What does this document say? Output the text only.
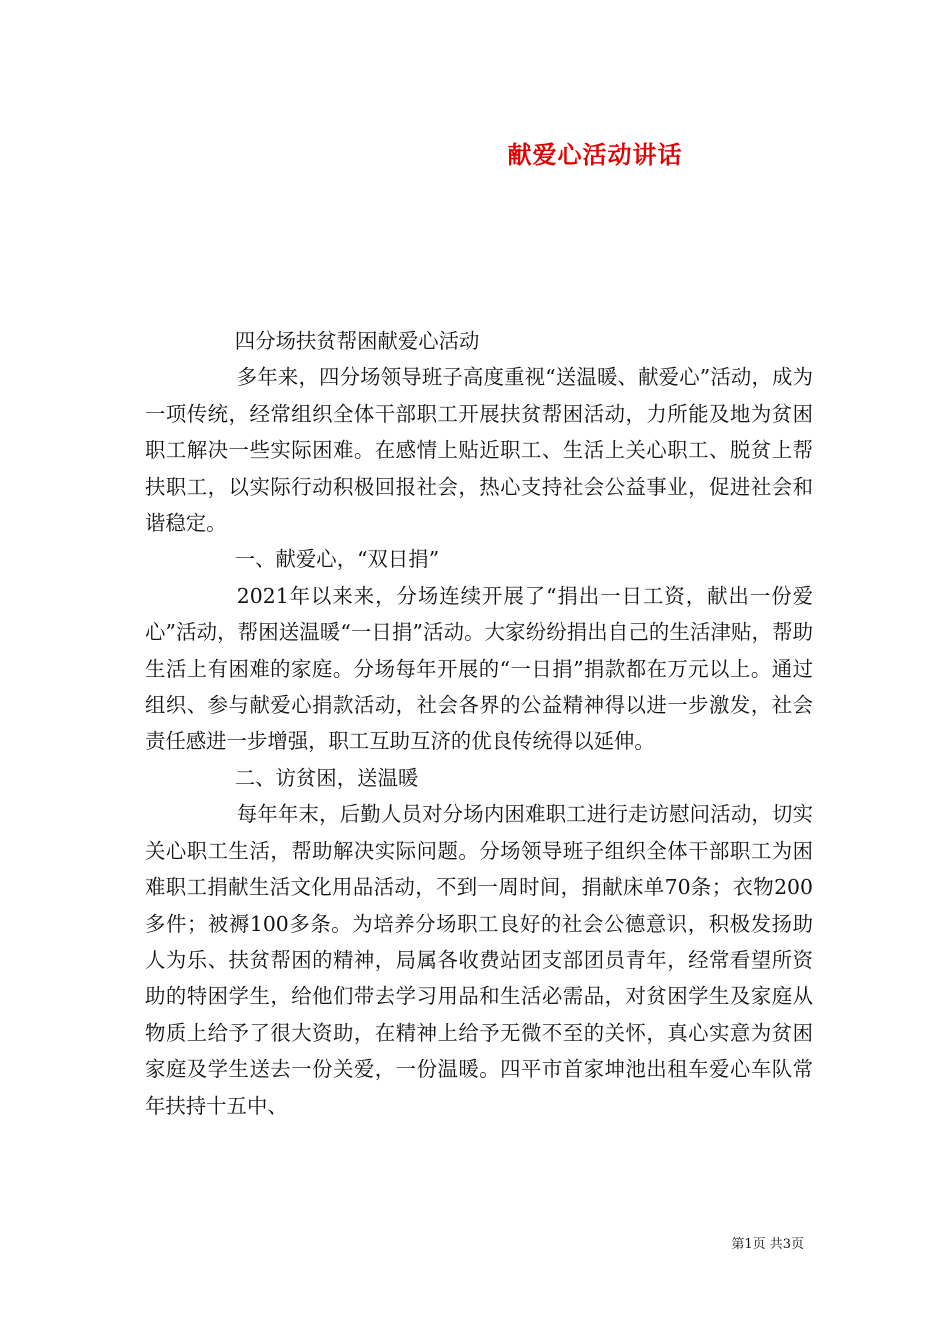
献爱心活动讲话

四分场扶贫帮困献爱心活动

多年来，四分场领导班子高度重视“送温暖、献爱心”活动，成为一项传统，经常组织全体干部职工开展扶贫帮困活动，力所能及地为贫困职工解决一些实际困难。在感情上贴近职工、生活上关心职工、脱贫上帮扶职工，以实际行动积极回报社会，热心支持社会公益事业，促进社会和谐稳定。

一、献爱心，“双日捐”

2021年以来来，分场连续开展了“捐出一日工资，献出一份爱心”活动，帮困送温暖“一日捐”活动。大家纷纷捐出自己的生活津贴，帮助生活上有困难的家庭。分场每年开展的“一日捐”捐款都在万元以上。通过组织、参与献爱心捐款活动，社会各界的公益精神得以进一步激发，社会责任感进一步增强，职工互助互济的优良传统得以延伸。

二、访贫困，送温暖

每年年末，后勤人员对分场内困难职工进行走访慰问活动，切实关心职工生活，帮助解决实际问题。分场领导班子组织全体干部职工为困难职工捐献生活文化用品活动，不到一周时间，捐献床单70条；衣物200多件；被褥100多条。为培养分场职工良好的社会公德意识，积极发扬助人为乐、扶贫帮困的精神，局属各收费站团支部团员青年，经常看望所资助的特困学生，给他们带去学习用品和生活必需品，对贫困学生及家庭从物质上给予了很大资助，在精神上给予无微不至的关怀，真心实意为贫困家庭及学生送去一份关爱，一份温暖。四平市首家坤池出租车爱心车队常年扶持十五中、

第1页 共3页
